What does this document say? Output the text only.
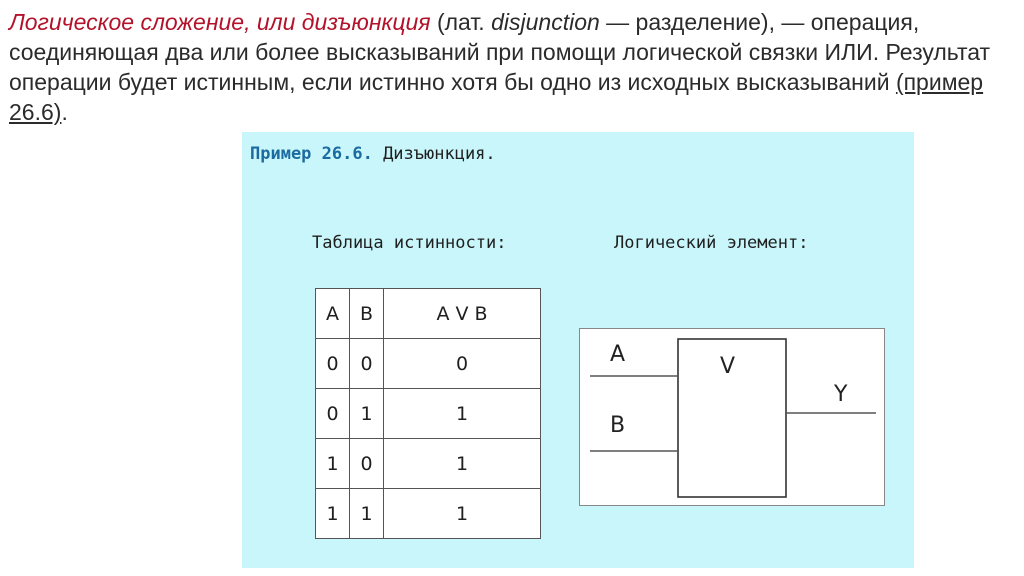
Логическое сложение, или дизъюнкция (лат. disjunction — разделение), — операция, соединяющая два или более высказываний при помощи логической связки ИЛИ. Результат операции будет истинным, если истинно хотя бы одно из исходных высказываний (пример 26.6).
Пример 26.6. Дизъюнкция.
Таблица истинности:	Логический элемент:
A	B	A V B
0	0	0
0	1	1
1	0	1
1	1	1
A
B
V
Y
